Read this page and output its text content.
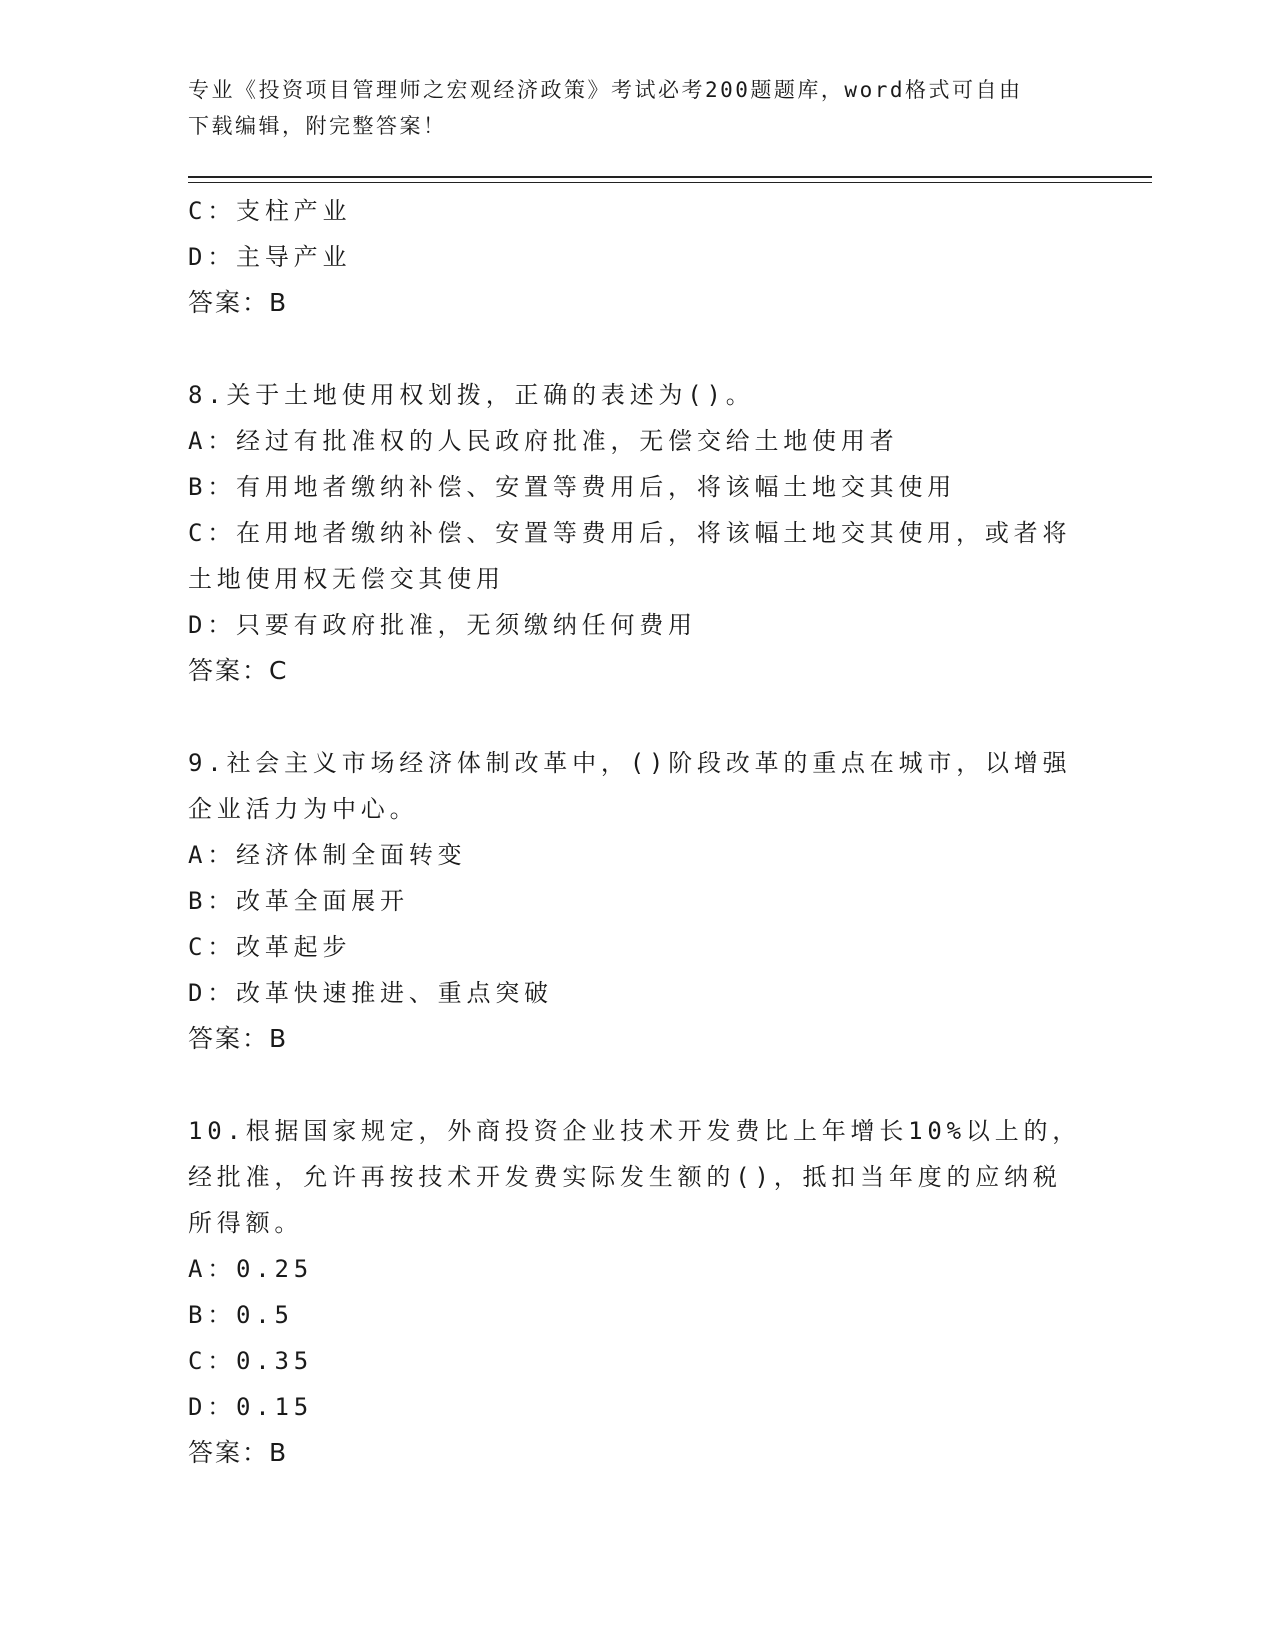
专业《投资项目管理师之宏观经济政策》考试必考200题题库，word格式可自由
下载编辑，附完整答案！
C：支柱产业
D：主导产业
答案：B
8.关于土地使用权划拨，正确的表述为()。
A：经过有批准权的人民政府批准，无偿交给土地使用者
B：有用地者缴纳补偿、安置等费用后，将该幅土地交其使用
C：在用地者缴纳补偿、安置等费用后，将该幅土地交其使用，或者将
土地使用权无偿交其使用
D：只要有政府批准，无须缴纳任何费用
答案：C
9.社会主义市场经济体制改革中，()阶段改革的重点在城市，以增强
企业活力为中心。
A：经济体制全面转变
B：改革全面展开
C：改革起步
D：改革快速推进、重点突破
答案：B
10.根据国家规定，外商投资企业技术开发费比上年增长10%以上的，
经批准，允许再按技术开发费实际发生额的()，抵扣当年度的应纳税
所得额。
A：0.25
B：0.5
C：0.35
D：0.15
答案：B
